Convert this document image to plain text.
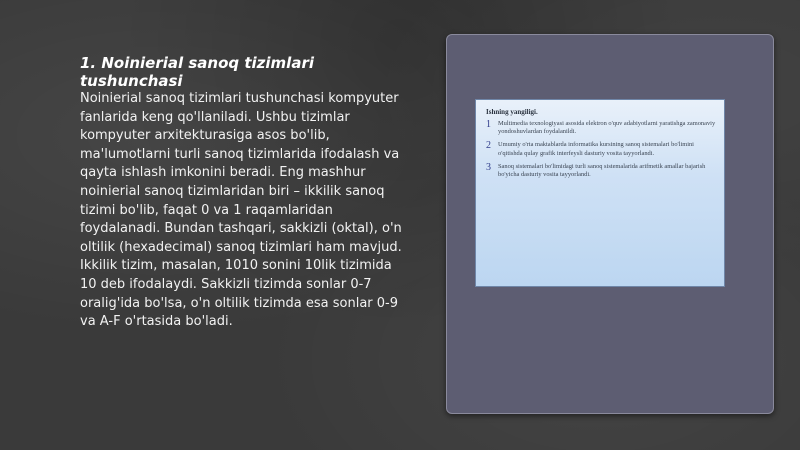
1. Noinierial sanoq tizimlari tushunchasi

Noinierial sanoq tizimlari tushunchasi kompyuter fanlarida keng qo'llaniladi. Ushbu tizimlar kompyuter arxitekturasiga asos bo'lib, ma'lumotlarni turli sanoq tizimlarida ifodalash va qayta ishlash imkonini beradi. Eng mashhur noinierial sanoq tizimlaridan biri – ikkilik sanoq tizimi bo'lib, faqat 0 va 1 raqamlaridan foydalanadi. Bundan tashqari, sakkizli (oktal), o'n oltilik (hexadecimal) sanoq tizimlari ham mavjud. Ikkilik tizim, masalan, 1010 sonini 10lik tizimida 10 deb ifodalaydi. Sakkizli tizimda sonlar 0-7 oralig'ida bo'lsa, o'n oltilik tizimda esa sonlar 0-9 va A-F o'rtasida bo'ladi.

Ishning yangiligi.
1	Multimedia texnologiyasi asosida elektron o'quv adabiyotlarni yaratishga zamonaviy yondoshuvlardan foydalanildi.
2	Umumiy o'rta maktablarda informatika kursining sanoq sistemalari bo'limini o'qitishda qulay grafik interfeysli dasturiy vosita tayyorlandi.
3	Sanoq sistemalari bo'limidagi turli sanoq sistemalarida arifmetik amallar bajarish bo'yicha dasturiy vosita tayyorlandi.
